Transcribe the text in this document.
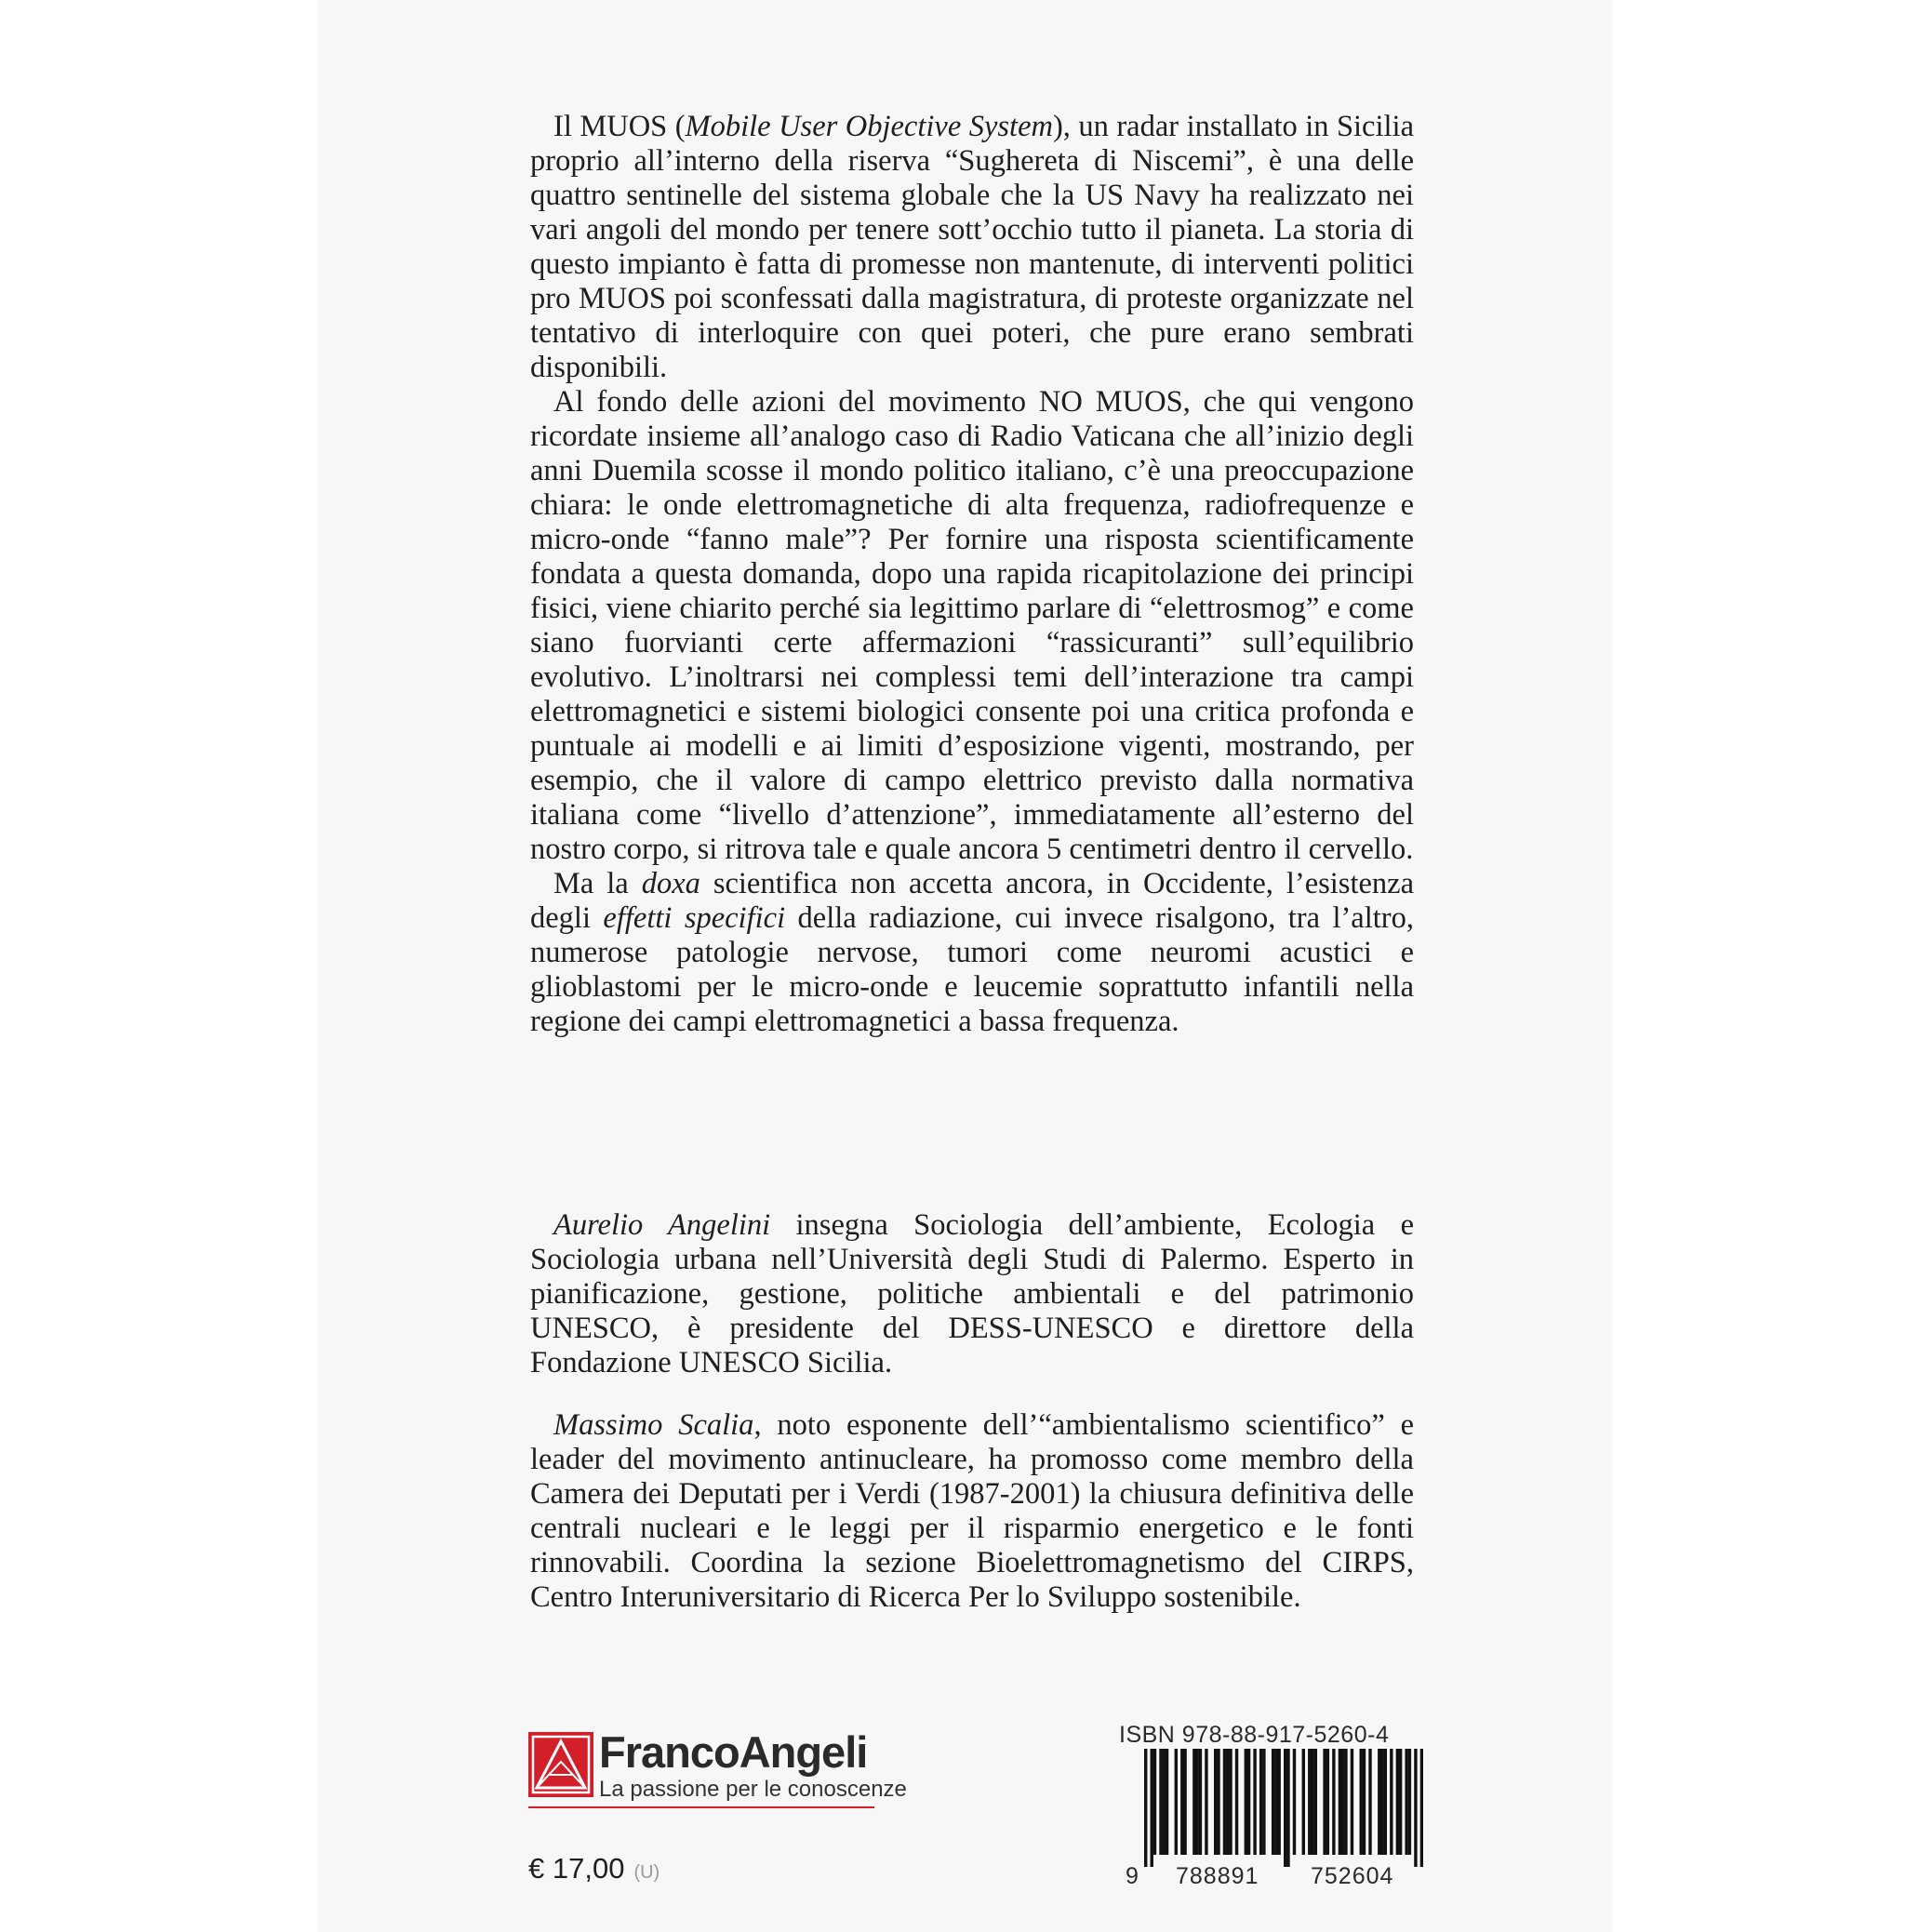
Il MUOS (Mobile User Objective System), un radar installato in Sicilia proprio all’interno della riserva “Sughereta di Niscemi”, è una delle quattro sentinelle del sistema globale che la US Navy ha realizzato nei vari angoli del mondo per tenere sott’occhio tutto il pianeta. La storia di questo impianto è fatta di promesse non mantenute, di interventi politici pro MUOS poi sconfessati dalla magistratura, di proteste organizzate nel tentativo di interloquire con quei poteri, che pure erano sembrati disponibili.

Al fondo delle azioni del movimento NO MUOS, che qui vengono ricordate insieme all’analogo caso di Radio Vaticana che all’inizio degli anni Duemila scosse il mondo politico italiano, c’è una preoccupazione chiara: le onde elettromagnetiche di alta frequenza, radiofrequenze e micro-onde “fanno male”? Per fornire una risposta scientificamente fondata a questa domanda, dopo una rapida ricapitolazione dei principi fisici, viene chiarito perché sia legittimo parlare di “elettrosmog” e come siano fuorvianti certe affermazioni “rassicuranti” sull’equilibrio evolutivo. L’inoltrarsi nei complessi temi dell’interazione tra campi elettromagnetici e sistemi biologici consente poi una critica profonda e puntuale ai modelli e ai limiti d’esposizione vigenti, mostrando, per esempio, che il valore di campo elettrico previsto dalla normativa italiana come “livello d’attenzione”, immediatamente all’esterno del nostro corpo, si ritrova tale e quale ancora 5 centimetri dentro il cervello.

Ma la doxa scientifica non accetta ancora, in Occidente, l’esistenza degli effetti specifici della radiazione, cui invece risalgono, tra l’altro, numerose patologie nervose, tumori come neuromi acustici e glioblastomi per le micro-onde e leucemie soprattutto infantili nella regione dei campi elettromagnetici a bassa frequenza.

Aurelio Angelini insegna Sociologia dell’ambiente, Ecologia e Sociologia urbana nell’Università degli Studi di Palermo. Esperto in pianificazione, gestione, politiche ambientali e del patrimonio UNESCO, è presidente del DESS-UNESCO e direttore della Fondazione UNESCO Sicilia.

Massimo Scalia, noto esponente dell’“ambientalismo scientifico” e leader del movimento antinucleare, ha promosso come membro della Camera dei Deputati per i Verdi (1987-2001) la chiusura definitiva delle centrali nucleari e le leggi per il risparmio energetico e le fonti rinnovabili. Coordina la sezione Bioelettromagnetismo del CIRPS, Centro Interuniversitario di Ricerca Per lo Sviluppo sostenibile.

FrancoAngeli
La passione per le conoscenze
€ 17,00 (U)
ISBN 978-88-917-5260-4
9 788891 752604
